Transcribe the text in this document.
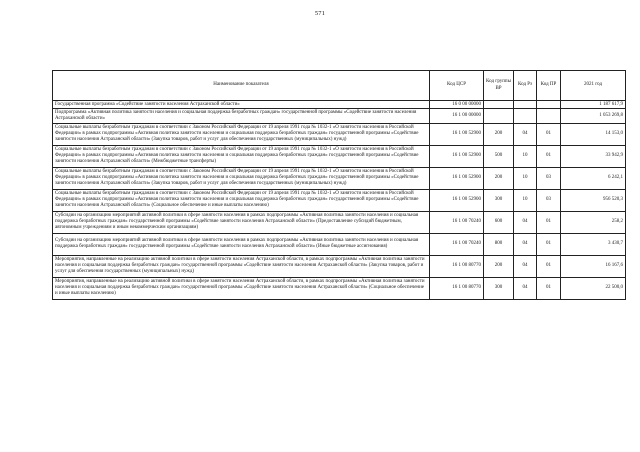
571
Наименование показателя	Код ЦСР	Код группы ВР	Код Рз	Код ПР	2021 год
Государственная программа «Содействие занятости населения Астраханской области»	16 0 00 00000				1 187 617,9
Подпрограмма «Активная политика занятости населения и социальная поддержка безработных граждан» государственной программы «Содействие занятости населения Астраханской области»	16 1 00 00000				1 053 269,8
Социальные выплаты безработным гражданам в соответствии с Законом Российской Федерации от 19 апреля 1991 года № 1032-1 «О занятости населения в Российской Федерации» в рамках подпрограммы «Активная политика занятости населения и социальная поддержка безработных граждан» государственной программы «Содействие занятости населения Астраханской области» (Закупка товаров, работ и услуг для обеспечения государственных (муниципальных) нужд)	16 1 00 52900	200	04	01	14 153,0
Социальные выплаты безработным гражданам в соответствии с Законом Российской Федерации от 19 апреля 1991 года № 1032-1 «О занятости населения в Российской Федерации» в рамках подпрограммы «Активная политика занятости населения и социальная поддержка безработных граждан» государственной программы «Содействие занятости населения Астраханской области» (Межбюджетные трансферты)	16 1 00 52900	500	10	01	33 942,9
Социальные выплаты безработным гражданам в соответствии с Законом Российской Федерации от 19 апреля 1991 года № 1032-1 «О занятости населения в Российской Федерации» в рамках подпрограммы «Активная политика занятости населения и социальная поддержка безработных граждан» государственной программы «Содействие занятости населения Астраханской области» (Закупка товаров, работ и услуг для обеспечения государственных (муниципальных) нужд)	16 1 00 52900	200	10	03	6 242,1
Социальные выплаты безработным гражданам в соответствии с Законом Российской Федерации от 19 апреля 1991 года № 1032-1 «О занятости населения в Российской Федерации» в рамках подпрограммы «Активная политика занятости населения и социальная поддержка безработных граждан» государственной программы «Содействие занятости населения Астраханской области» (Социальное обеспечение и иные выплаты населению)	16 1 00 52900	300	10	03	956 520,3
Субсидии на организацию мероприятий активной политики в сфере занятости населения в рамках подпрограммы «Активная политика занятости населения и социальная поддержка безработных граждан» государственной программы «Содействие занятости населения Астраханской области» (Предоставление субсидий бюджетным, автономным учреждениям и иным некоммерческим организациям)	16 1 00 70240	600	04	01	258,2
Субсидии на организацию мероприятий активной политики в сфере занятости населения в рамках подпрограммы «Активная политика занятости населения и социальная поддержка безработных граждан» государственной программы «Содействие занятости населения Астраханской области» (Иные бюджетные ассигнования)	16 1 00 70240	800	04	01	3 430,7
Мероприятия, направленные на реализацию активной политики в сфере занятости населения Астраханской области, в рамках подпрограммы «Активная политика занятости населения и социальная поддержка безработных граждан» государственной программы «Содействие занятости населения Астраханской области» (Закупка товаров, работ и услуг для обеспечения государственных (муниципальных) нужд)	16 1 00 80770	200	04	01	16 167,6
Мероприятия, направленные на реализацию активной политики в сфере занятости населения Астраханской области, в рамках подпрограммы «Активная политика занятости населения и социальная поддержка безработных граждан» государственной программы «Содействие занятости населения Астраханской области» (Социальное обеспечение и иные выплаты населению)	16 1 00 80770	300	04	01	22 500,0
